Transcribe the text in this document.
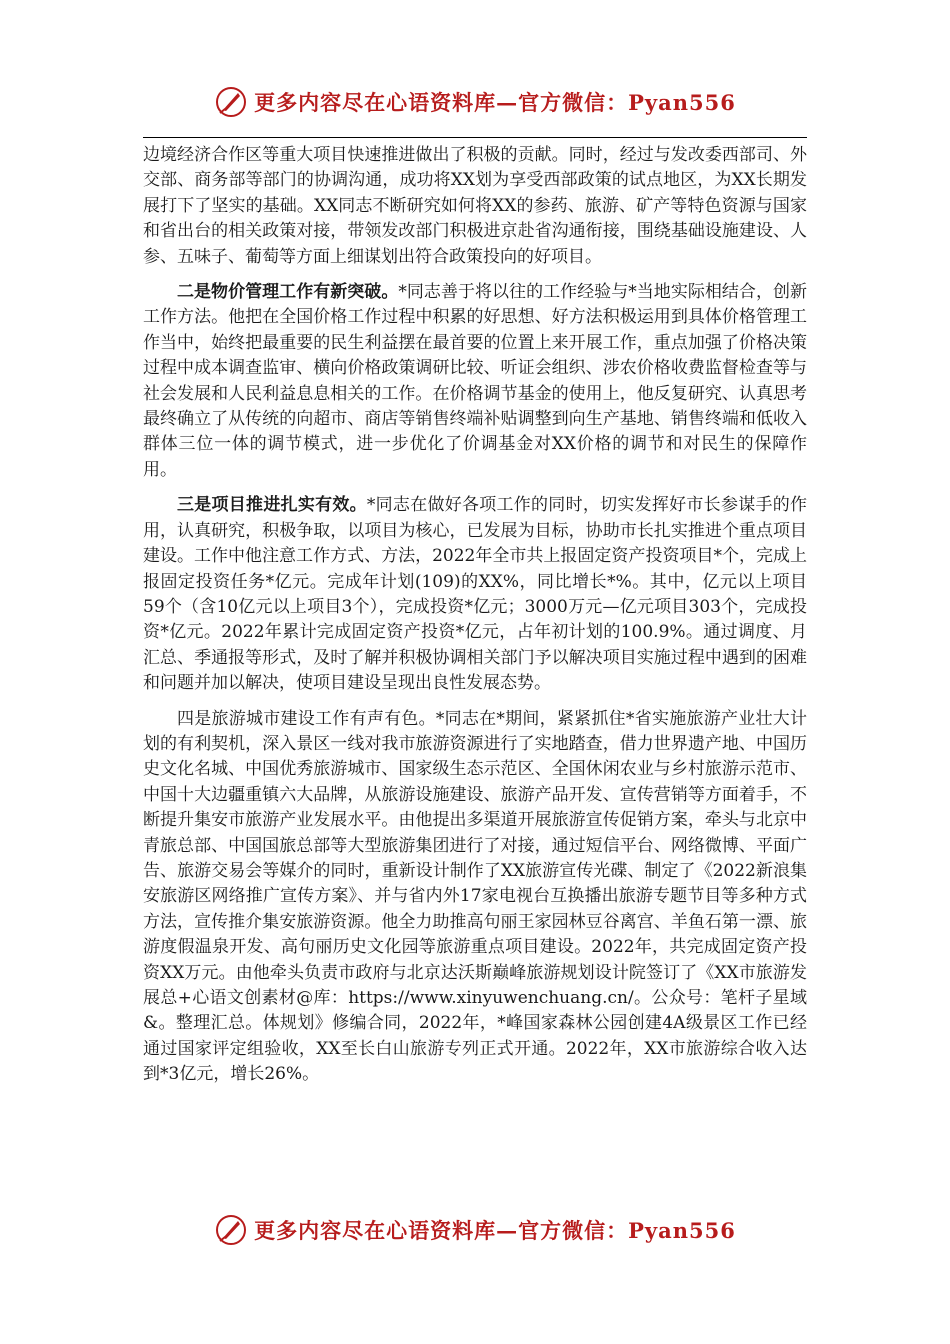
更多内容尽在心语资料库—官方微信：Pyan556

边境经济合作区等重大项目快速推进做出了积极的贡献。同时，经过与发改委西部司、外交部、商务部等部门的协调沟通，成功将XX划为享受西部政策的试点地区，为XX长期发展打下了坚实的基础。XX同志不断研究如何将XX的参药、旅游、矿产等特色资源与国家和省出台的相关政策对接，带领发改部门积极进京赴省沟通衔接，围绕基础设施建设、人参、五味子、葡萄等方面上细谋划出符合政策投向的好项目。

二是物价管理工作有新突破。*同志善于将以往的工作经验与*当地实际相结合，创新工作方法。他把在全国价格工作过程中积累的好思想、好方法积极运用到具体价格管理工作当中，始终把最重要的民生利益摆在最首要的位置上来开展工作，重点加强了价格决策过程中成本调查监审、横向价格政策调研比较、听证会组织、涉农价格收费监督检查等与社会发展和人民利益息息相关的工作。在价格调节基金的使用上，他反复研究、认真思考最终确立了从传统的向超市、商店等销售终端补贴调整到向生产基地、销售终端和低收入群体三位一体的调节模式，进一步优化了价调基金对XX价格的调节和对民生的保障作用。

三是项目推进扎实有效。*同志在做好各项工作的同时，切实发挥好市长参谋手的作用，认真研究，积极争取，以项目为核心，已发展为目标，协助市长扎实推进个重点项目建设。工作中他注意工作方式、方法，2022年全市共上报固定资产投资项目*个，完成上报固定投资任务*亿元。完成年计划(109)的XX%，同比增长*%。其中，亿元以上项目59个（含10亿元以上项目3个），完成投资*亿元；3000万元—亿元项目303个，完成投资*亿元。2022年累计完成固定资产投资*亿元，占年初计划的100.9%。通过调度、月汇总、季通报等形式，及时了解并积极协调相关部门予以解决项目实施过程中遇到的困难和问题并加以解决，使项目建设呈现出良性发展态势。

四是旅游城市建设工作有声有色。*同志在*期间，紧紧抓住*省实施旅游产业壮大计划的有利契机，深入景区一线对我市旅游资源进行了实地踏查，借力世界遗产地、中国历史文化名城、中国优秀旅游城市、国家级生态示范区、全国休闲农业与乡村旅游示范市、中国十大边疆重镇六大品牌，从旅游设施建设、旅游产品开发、宣传营销等方面着手，不断提升集安市旅游产业发展水平。由他提出多渠道开展旅游宣传促销方案，牵头与北京中青旅总部、中国国旅总部等大型旅游集团进行了对接，通过短信平台、网络微博、平面广告、旅游交易会等媒介的同时，重新设计制作了XX旅游宣传光碟、制定了《2022新浪集安旅游区网络推广宣传方案》、并与省内外17家电视台互换播出旅游专题节目等多种方式方法，宣传推介集安旅游资源。他全力助推高句丽王家园林豆谷离宫、羊鱼石第一漂、旅游度假温泉开发、高句丽历史文化园等旅游重点项目建设。2022年，共完成固定资产投资XX万元。由他牵头负责市政府与北京达沃斯巅峰旅游规划设计院签订了《XX市旅游发展总+心语文创素材@库：https://www.xinyuwenchuang.cn/。公众号：笔杆子星域&。整理汇总。体规划》修编合同，2022年，*峰国家森林公园创建4A级景区工作已经通过国家评定组验收，XX至长白山旅游专列正式开通。2022年，XX市旅游综合收入达到*3亿元，增长26%。

更多内容尽在心语资料库—官方微信：Pyan556
